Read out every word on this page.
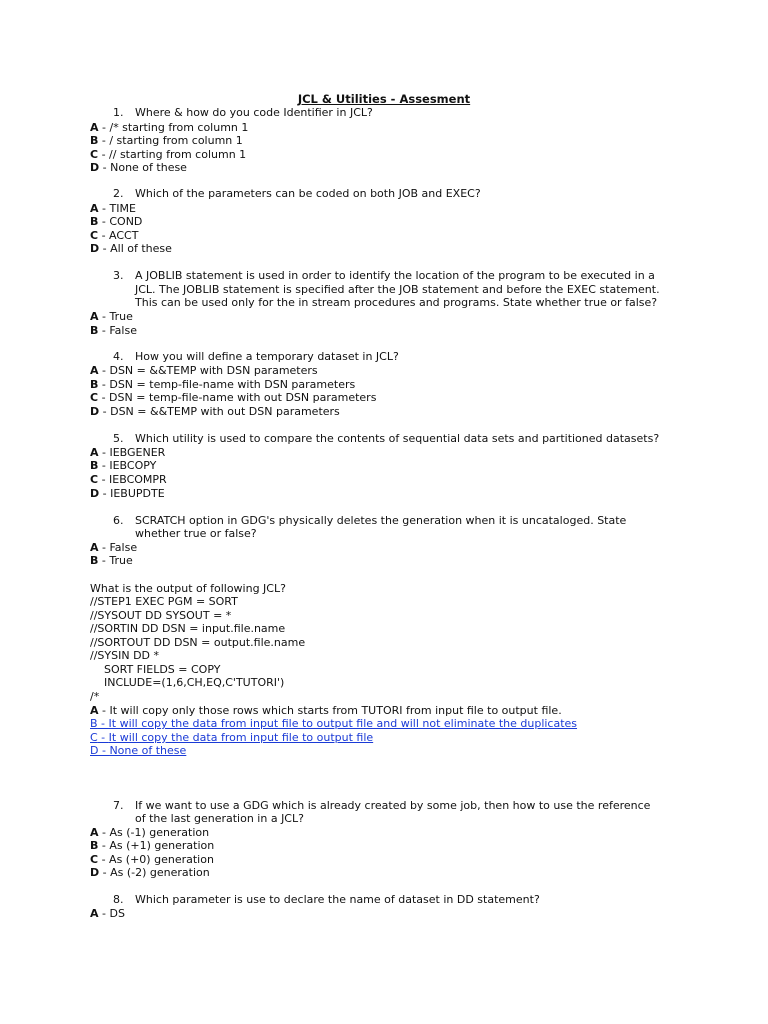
JCL & Utilities - Assesment
1. Where & how do you code Identifier in JCL?
A - /* starting from column 1
B - / starting from column 1
C - // starting from column 1
D - None of these
2. Which of the parameters can be coded on both JOB and EXEC?
A - TIME
B - COND
C - ACCT
D - All of these
3. A JOBLIB statement is used in order to identify the location of the program to be executed in a
JCL. The JOBLIB statement is specified after the JOB statement and before the EXEC statement.
This can be used only for the in stream procedures and programs. State whether true or false?
A - True
B - False
4. How you will define a temporary dataset in JCL?
A - DSN = &&TEMP with DSN parameters
B - DSN = temp-file-name with DSN parameters
C - DSN = temp-file-name with out DSN parameters
D - DSN = &&TEMP with out DSN parameters
5. Which utility is used to compare the contents of sequential data sets and partitioned datasets?
A - IEBGENER
B - IEBCOPY
C - IEBCOMPR
D - IEBUPDTE
6. SCRATCH option in GDG's physically deletes the generation when it is uncataloged. State
whether true or false?
A - False
B - True
What is the output of following JCL?
//STEP1 EXEC PGM = SORT
//SYSOUT DD SYSOUT = *
//SORTIN DD DSN = input.file.name
//SORTOUT DD DSN = output.file.name
//SYSIN DD *
SORT FIELDS = COPY
INCLUDE=(1,6,CH,EQ,C'TUTORI')
/*
A - It will copy only those rows which starts from TUTORI from input file to output file.
B - It will copy the data from input file to output file and will not eliminate the duplicates
C - It will copy the data from input file to output file
D - None of these
7. If we want to use a GDG which is already created by some job, then how to use the reference
of the last generation in a JCL?
A - As (-1) generation
B - As (+1) generation
C - As (+0) generation
D - As (-2) generation
8. Which parameter is use to declare the name of dataset in DD statement?
A - DS
